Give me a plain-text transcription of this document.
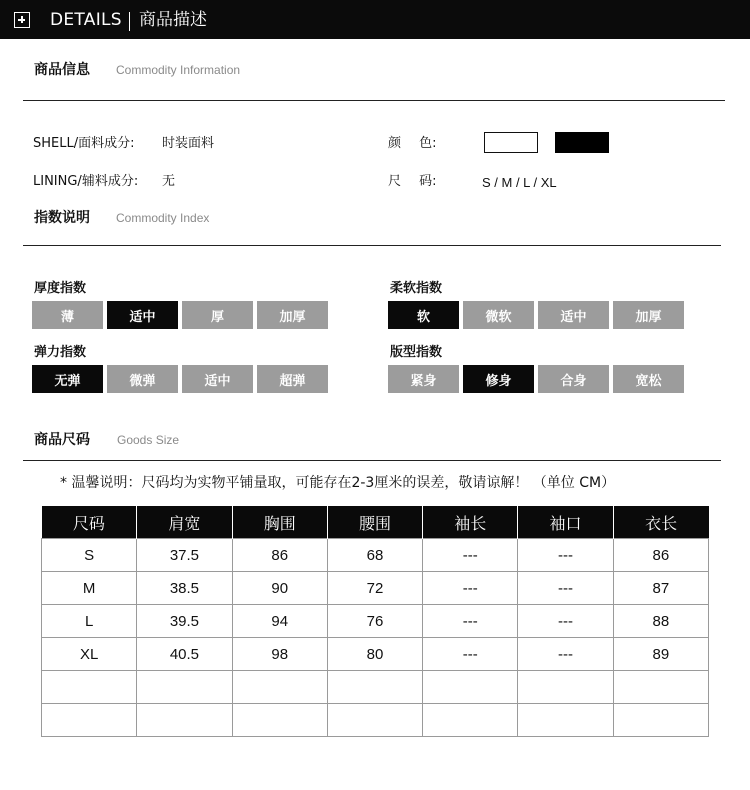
DETAILS 商品描述
商品信息 Commodity Information
SHELL/面料成分: 时装面料
LINING/辅料成分: 无
颜 色:
尺 码:	S / M / L / XL
指数说明 Commodity Index
厚度指数
薄	适中	厚	加厚
柔软指数
软	微软	适中	加厚
弹力指数
无弹	微弹	适中	超弹
版型指数
紧身	修身	合身	宽松
商品尺码 Goods Size
* 温馨说明：尺码均为实物平铺量取，可能存在2-3厘米的误差，敬请谅解！ （单位 CM）
尺码	肩宽	胸围	腰围	袖长	袖口	衣长
S	37.5	86	68	---	---	86
M	38.5	90	72	---	---	87
L	39.5	94	76	---	---	88
XL	40.5	98	80	---	---	89
